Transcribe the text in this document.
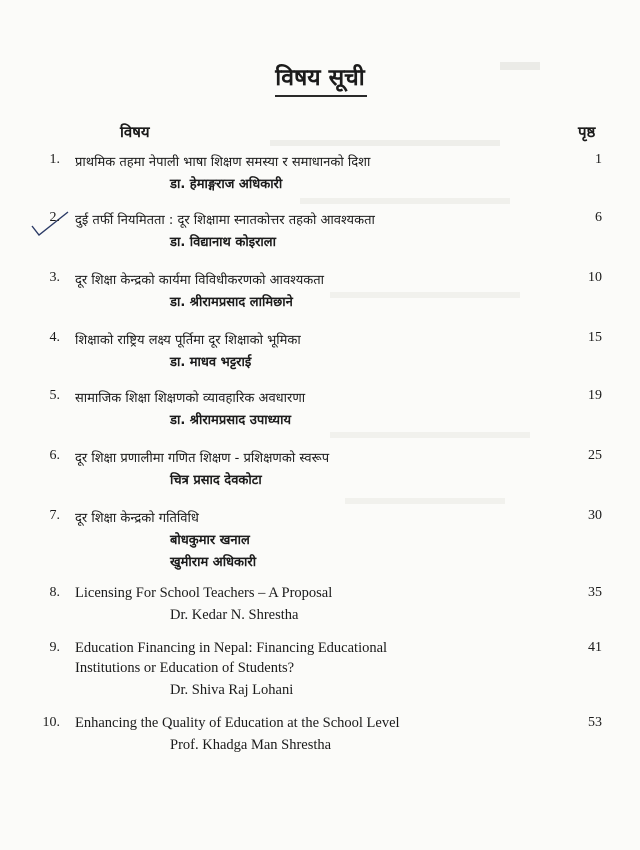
विषय सूची
विषय	पृष्ठ
1. प्राथमिक तहमा नेपाली भाषा शिक्षण समस्या र समाधानको दिशा
डा. हेमाङ्गराज अधिकारी
1
2. दुई तर्फी नियमितता : दूर शिक्षामा स्नातकोत्तर तहको आवश्यकता
डा. विद्यानाथ कोइराला
6
3. दूर शिक्षा केन्द्रको कार्यमा विविधीकरणको आवश्यकता
डा. श्रीरामप्रसाद लामिछाने
10
4. शिक्षाको राष्ट्रिय लक्ष्य पूर्तिमा दूर शिक्षाको भूमिका
डा. माधव भट्टराई
15
5. सामाजिक शिक्षा शिक्षणको व्यावहारिक अवधारणा
डा. श्रीरामप्रसाद उपाध्याय
19
6. दूर शिक्षा प्रणालीमा गणित शिक्षण - प्रशिक्षणको स्वरूप
चित्र प्रसाद देवकोटा
25
7. दूर शिक्षा केन्द्रको गतिविधि
बोधकुमार खनाल
खुमीराम अधिकारी
30
8. Licensing For School Teachers – A Proposal
Dr. Kedar N. Shrestha
35
9. Education Financing in Nepal: Financing Educational
Institutions or Education of Students?
Dr. Shiva Raj Lohani
41
10. Enhancing the Quality of Education at the School Level
Prof. Khadga Man Shrestha
53
